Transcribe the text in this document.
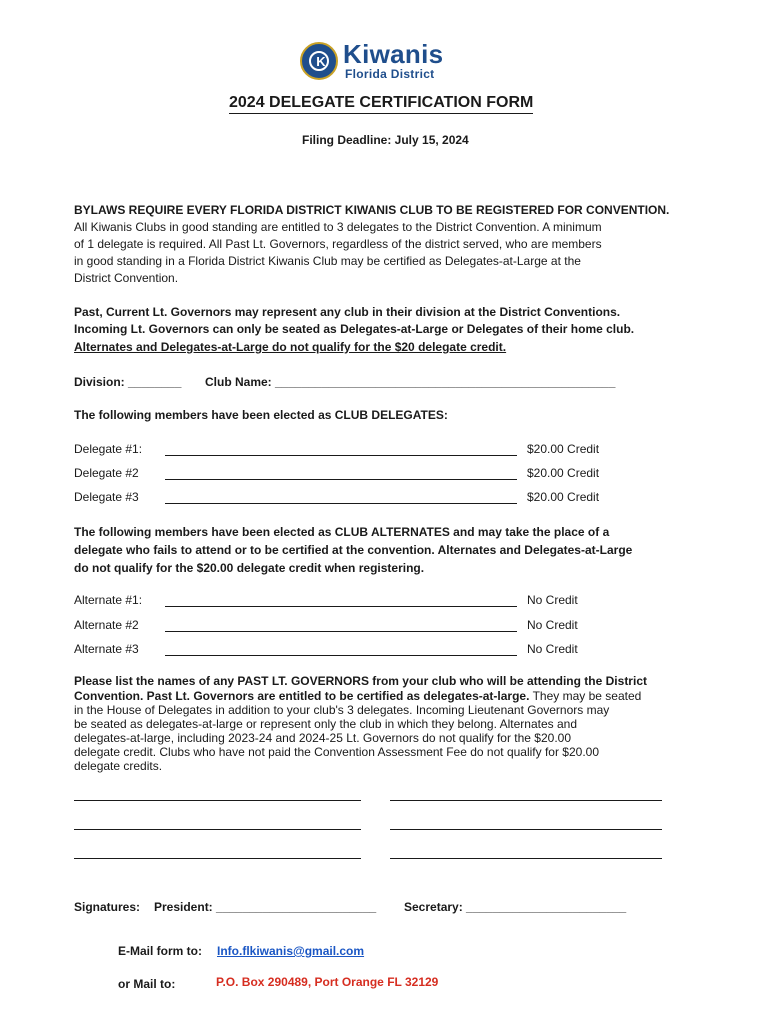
K Kiwanis
Florida District
2024 DELEGATE CERTIFICATION FORM
Filing Deadline: July 15, 2024
BYLAWS REQUIRE EVERY FLORIDA DISTRICT KIWANIS CLUB TO BE REGISTERED FOR CONVENTION.
All Kiwanis Clubs in good standing are entitled to 3 delegates to the District Convention. A minimum
of 1 delegate is required. All Past Lt. Governors, regardless of the district served, who are members
in good standing in a Florida District Kiwanis Club may be certified as Delegates-at-Large at the
District Convention.
Past, Current Lt. Governors may represent any club in their division at the District Conventions.
Incoming Lt. Governors can only be seated as Delegates-at-Large or Delegates of their home club.
Alternates and Delegates-at-Large do not qualify for the $20 delegate credit.
Division: ________ Club Name: ___________________________________________________
The following members have been elected as CLUB DELEGATES:
Delegate #1:	$20.00 Credit
Delegate #2	$20.00 Credit
Delegate #3	$20.00 Credit
The following members have been elected as CLUB ALTERNATES and may take the place of a
delegate who fails to attend or to be certified at the convention. Alternates and Delegates-at-Large
do not qualify for the $20.00 delegate credit when registering.
Alternate #1:	No Credit
Alternate #2	No Credit
Alternate #3	No Credit
Please list the names of any PAST LT. GOVERNORS from your club who will be attending the District
Convention. Past Lt. Governors are entitled to be certified as delegates-at-large. They may be seated
in the House of Delegates in addition to your club's 3 delegates. Incoming Lieutenant Governors may
be seated as delegates-at-large or represent only the club in which they belong. Alternates and
delegates-at-large, including 2023-24 and 2024-25 Lt. Governors do not qualify for the $20.00
delegate credit. Clubs who have not paid the Convention Assessment Fee do not qualify for $20.00
delegate credits.
Signatures: President: ________________________ Secretary: ________________________
E-Mail form to: Info.flkiwanis@gmail.com
or Mail to:	P.O. Box 290489, Port Orange FL 32129
